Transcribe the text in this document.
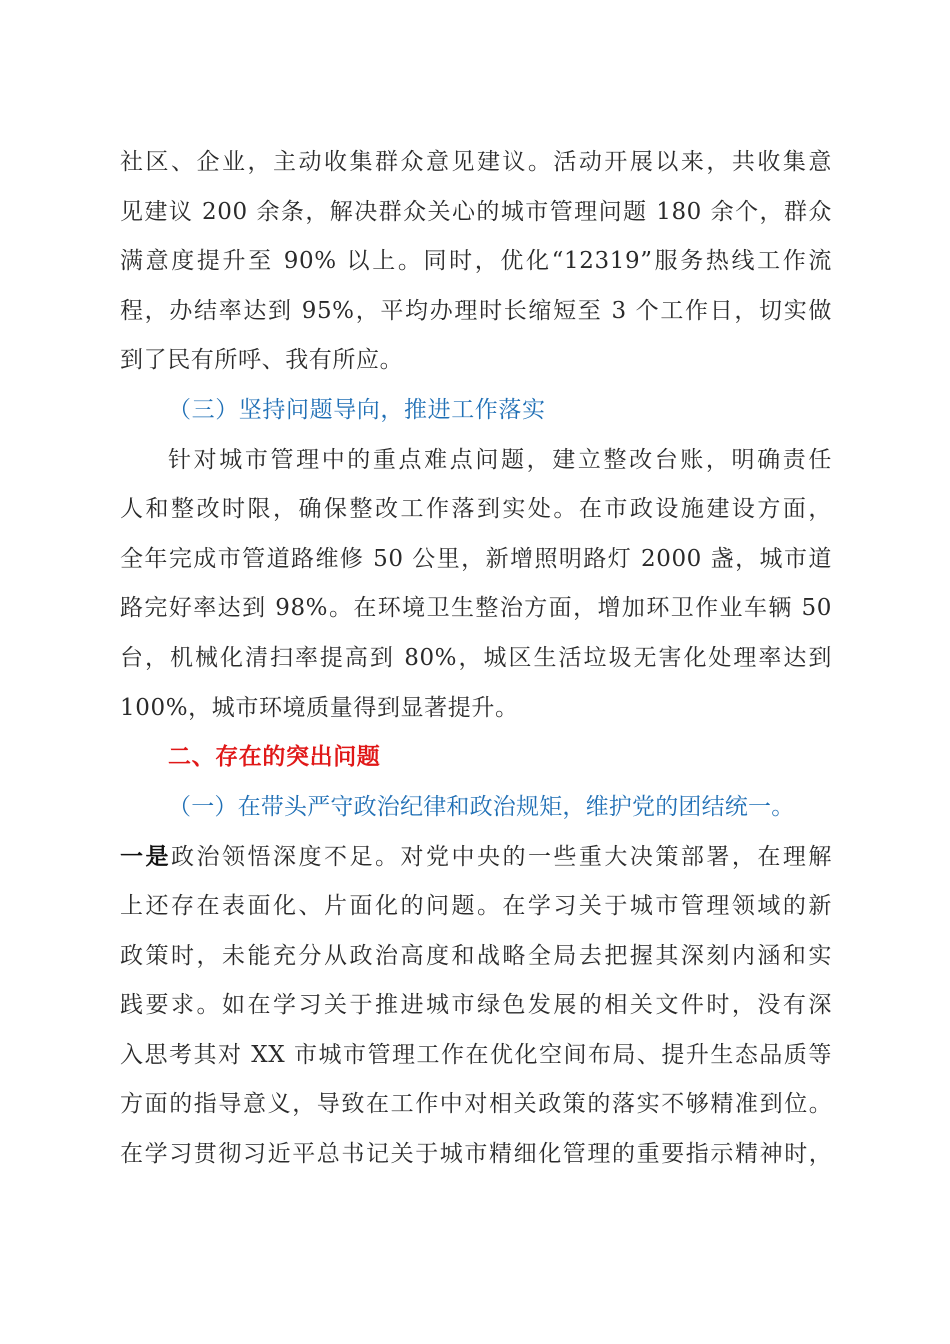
社区、企业，主动收集群众意见建议。活动开展以来，共收集意
见建议 200 余条，解决群众关心的城市管理问题 180 余个，群众
满意度提升至 90% 以上。同时，优化“12319”服务热线工作流
程，办结率达到 95%，平均办理时长缩短至 3 个工作日，切实做
到了民有所呼、我有所应。
（三）坚持问题导向，推进工作落实
针对城市管理中的重点难点问题，建立整改台账，明确责任
人和整改时限，确保整改工作落到实处。在市政设施建设方面，
全年完成市管道路维修 50 公里，新增照明路灯 2000 盏，城市道
路完好率达到 98%。在环境卫生整治方面，增加环卫作业车辆 50
台，机械化清扫率提高到 80%，城区生活垃圾无害化处理率达到
100%，城市环境质量得到显著提升。
二、存在的突出问题
（一）在带头严守政治纪律和政治规矩，维护党的团结统一。
一是政治领悟深度不足。对党中央的一些重大决策部署，在理解
上还存在表面化、片面化的问题。在学习关于城市管理领域的新
政策时，未能充分从政治高度和战略全局去把握其深刻内涵和实
践要求。如在学习关于推进城市绿色发展的相关文件时，没有深
入思考其对 XX 市城市管理工作在优化空间布局、提升生态品质等
方面的指导意义，导致在工作中对相关政策的落实不够精准到位。
在学习贯彻习近平总书记关于城市精细化管理的重要指示精神时，
